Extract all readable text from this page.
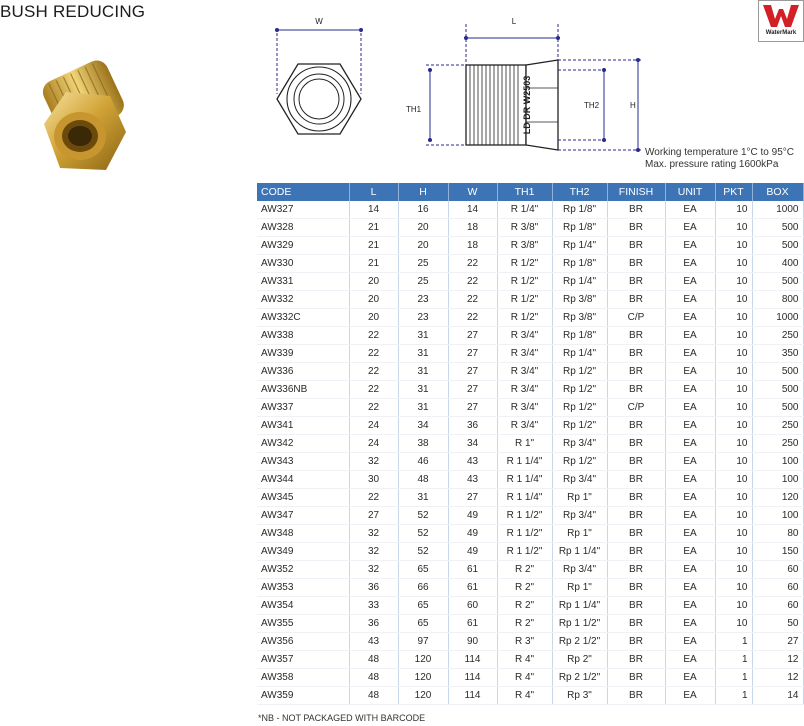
BUSH REDUCING
WaterMark
W
LD DR W2503
L
TH1	TH2	H
Working temperature 1°C to 95°C
Max. pressure rating 1600kPa
CODE	L	H	W	TH1	TH2	FINISH	UNIT	PKT	BOX
AW327	14	16	14	R 1/4"	Rp 1/8"	BR	EA	10	1000
AW328	21	20	18	R 3/8"	Rp 1/8"	BR	EA	10	500
AW329	21	20	18	R 3/8"	Rp 1/4"	BR	EA	10	500
AW330	21	25	22	R 1/2"	Rp 1/8"	BR	EA	10	400
AW331	20	25	22	R 1/2"	Rp 1/4"	BR	EA	10	500
AW332	20	23	22	R 1/2"	Rp 3/8"	BR	EA	10	800
AW332C	20	23	22	R 1/2"	Rp 3/8"	C/P	EA	10	1000
AW338	22	31	27	R 3/4"	Rp 1/8"	BR	EA	10	250
AW339	22	31	27	R 3/4"	Rp 1/4"	BR	EA	10	350
AW336	22	31	27	R 3/4"	Rp 1/2"	BR	EA	10	500
AW336NB	22	31	27	R 3/4"	Rp 1/2"	BR	EA	10	500
AW337	22	31	27	R 3/4"	Rp 1/2"	C/P	EA	10	500
AW341	24	34	36	R 3/4"	Rp 1/2"	BR	EA	10	250
AW342	24	38	34	R 1"	Rp 3/4"	BR	EA	10	250
AW343	32	46	43	R 1 1/4"	Rp 1/2"	BR	EA	10	100
AW344	30	48	43	R 1 1/4"	Rp 3/4"	BR	EA	10	100
AW345	22	31	27	R 1 1/4"	Rp 1"	BR	EA	10	120
AW347	27	52	49	R 1 1/2"	Rp 3/4"	BR	EA	10	100
AW348	32	52	49	R 1 1/2"	Rp 1"	BR	EA	10	80
AW349	32	52	49	R 1 1/2"	Rp 1 1/4"	BR	EA	10	150
AW352	32	65	61	R 2"	Rp 3/4"	BR	EA	10	60
AW353	36	66	61	R 2"	Rp 1"	BR	EA	10	60
AW354	33	65	60	R 2"	Rp 1 1/4"	BR	EA	10	60
AW355	36	65	61	R 2"	Rp 1 1/2"	BR	EA	10	50
AW356	43	97	90	R 3"	Rp 2 1/2"	BR	EA	1	27
AW357	48	120	114	R 4"	Rp 2"	BR	EA	1	12
AW358	48	120	114	R 4"	Rp 2 1/2"	BR	EA	1	12
AW359	48	120	114	R 4"	Rp 3"	BR	EA	1	14
*NB - NOT PACKAGED WITH BARCODE
